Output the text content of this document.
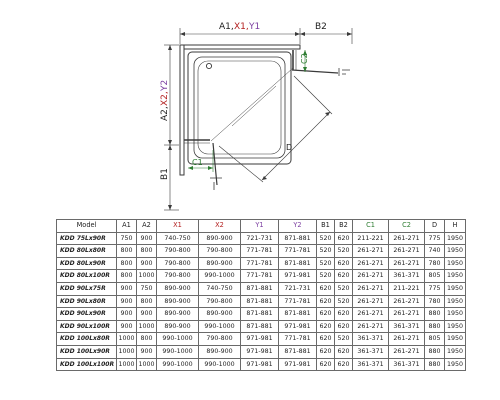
A1, X1, Y1	B2
C2
C1
D
A2,
X2,
Y2
B1
Model	A1	A2	X1	X2	Y1	Y2	B1	B2	C1	C2	D	H
KDD 75Lx90R	750	900	740-750	890-900	721-731	871-881	520	620	211-221	261-271	775	1950
KDD 80Lx80R	800	800	790-800	790-800	771-781	771-781	520	520	261-271	261-271	740	1950
KDD 80Lx90R	800	900	790-800	890-900	771-781	871-881	520	620	261-271	261-271	780	1950
KDD 80Lx100R	800	1000	790-800	990-1000	771-781	971-981	520	620	261-271	361-371	805	1950
KDD 90Lx75R	900	750	890-900	740-750	871-881	721-731	620	520	261-271	211-221	775	1950
KDD 90Lx80R	900	800	890-900	790-800	871-881	771-781	620	520	261-271	261-271	780	1950
KDD 90Lx90R	900	900	890-900	890-900	871-881	871-881	620	620	261-271	261-271	880	1950
KDD 90Lx100R	900	1000	890-900	990-1000	871-881	971-981	620	620	261-271	361-371	880	1950
KDD 100Lx80R	1000	800	990-1000	790-800	971-981	771-781	620	520	361-371	261-271	805	1950
KDD 100Lx90R	1000	900	990-1000	890-900	971-981	871-881	620	620	361-371	261-271	880	1950
KDD 100Lx100R	1000	1000	990-1000	990-1000	971-981	971-981	620	620	361-371	361-371	880	1950
